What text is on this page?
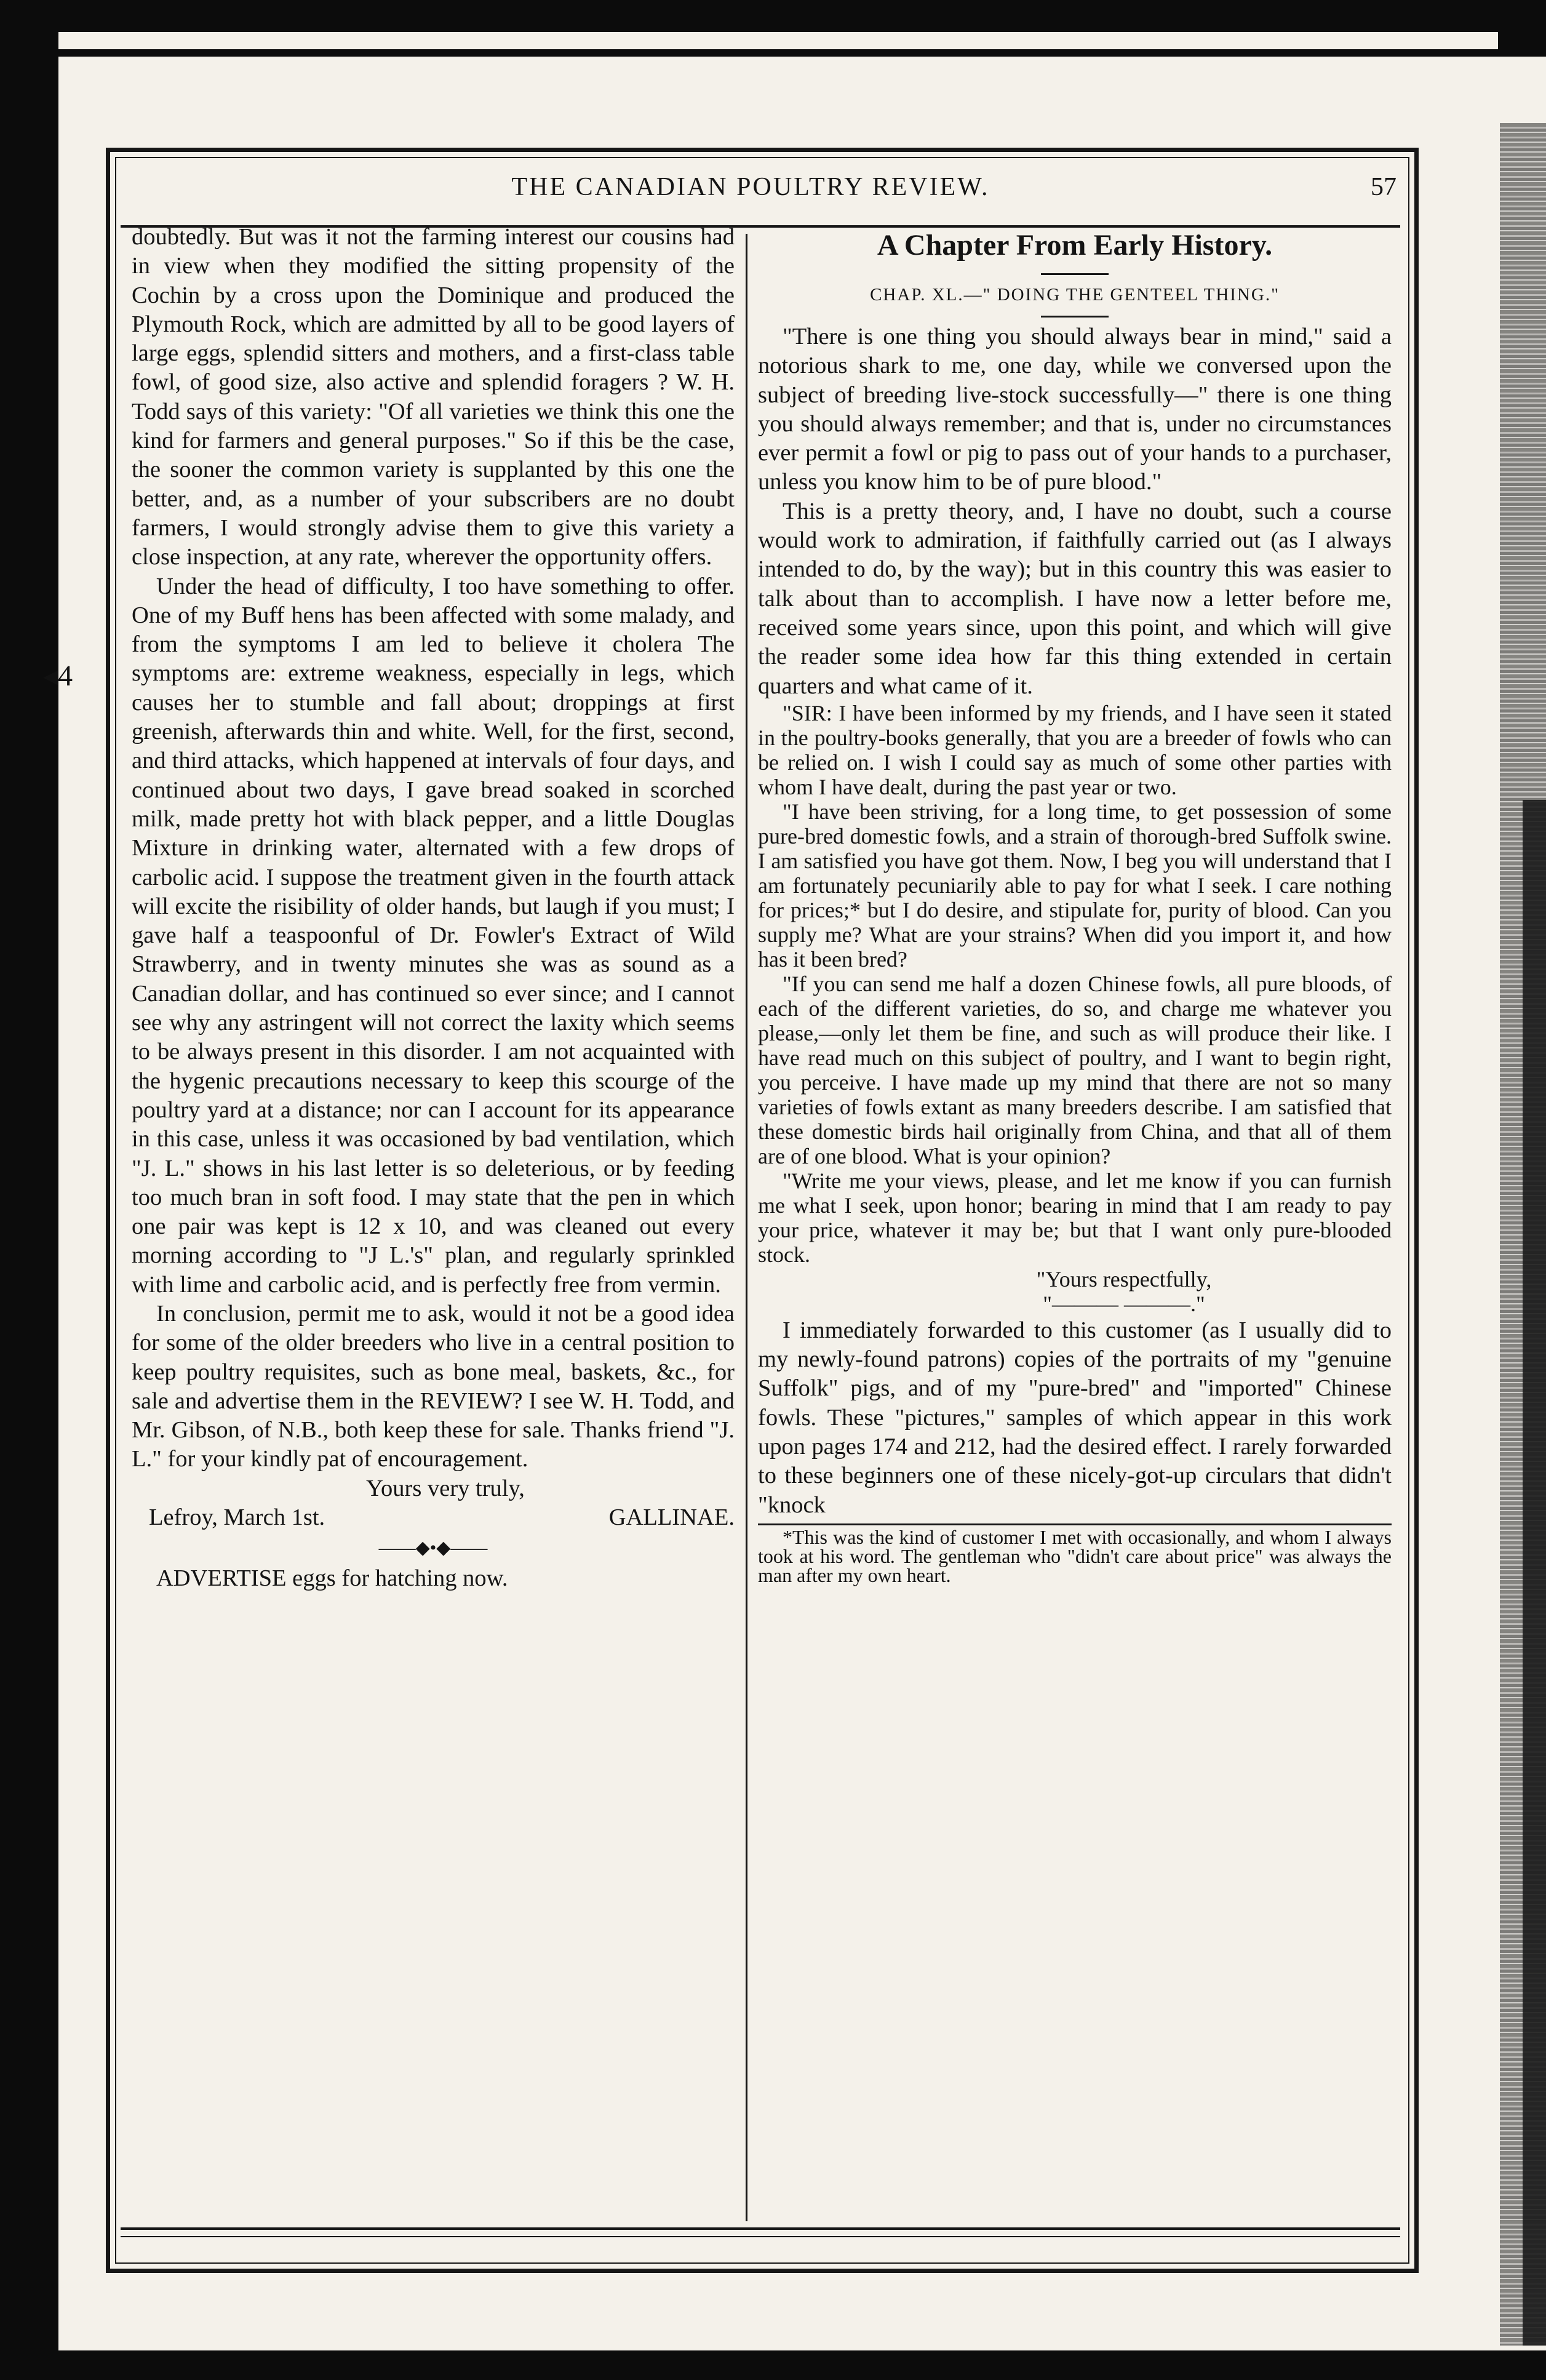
◂4
THE CANADIAN POULTRY REVIEW.	57

doubtedly. But was it not the farming interest our cousins had in view when they modified the sitting propensity of the Cochin by a cross upon the Dominique and produced the Plymouth Rock, which are admitted by all to be good layers of large eggs, splendid sitters and mothers, and a first-class table fowl, of good size, also active and splendid foragers ? W. H. Todd says of this variety: "Of all varieties we think this one the kind for farmers and general purposes." So if this be the case, the sooner the common variety is supplanted by this one the better, and, as a number of your subscribers are no doubt farmers, I would strongly advise them to give this variety a close inspection, at any rate, wherever the opportunity offers.

Under the head of difficulty, I too have something to offer. One of my Buff hens has been affected with some malady, and from the symptoms I am led to believe it cholera The symptoms are: extreme weakness, especially in legs, which causes her to stumble and fall about; droppings at first greenish, afterwards thin and white. Well, for the first, second, and third attacks, which happened at intervals of four days, and continued about two days, I gave bread soaked in scorched milk, made pretty hot with black pepper, and a little Douglas Mixture in drinking water, alternated with a few drops of carbolic acid. I suppose the treatment given in the fourth attack will excite the risibility of older hands, but laugh if you must; I gave half a teaspoonful of Dr. Fowler's Extract of Wild Strawberry, and in twenty minutes she was as sound as a Canadian dollar, and has continued so ever since; and I cannot see why any astringent will not correct the laxity which seems to be always present in this disorder. I am not acquainted with the hygenic precautions necessary to keep this scourge of the poultry yard at a distance; nor can I account for its appearance in this case, unless it was occasioned by bad ventilation, which "J. L." shows in his last letter is so deleterious, or by feeding too much bran in soft food. I may state that the pen in which one pair was kept is 12 x 10, and was cleaned out every morning according to "J L.'s" plan, and regularly sprinkled with lime and carbolic acid, and is perfectly free from vermin.

In conclusion, permit me to ask, would it not be a good idea for some of the older breeders who live in a central position to keep poultry requisites, such as bone meal, baskets, &c., for sale and advertise them in the REVIEW? I see W. H. Todd, and Mr. Gibson, of N.B., both keep these for sale. Thanks friend "J. L." for your kindly pat of encouragement.

Yours very truly,

Lefroy, March 1st.	GALLINAE.

——◆•◆——

ADVERTISE eggs for hatching now.

A Chapter From Early History.

CHAP. XL.—" DOING THE GENTEEL THING."

"There is one thing you should always bear in mind," said a notorious shark to me, one day, while we conversed upon the subject of breeding live-stock successfully—" there is one thing you should always remember; and that is, under no circumstances ever permit a fowl or pig to pass out of your hands to a purchaser, unless you know him to be of pure blood."

This is a pretty theory, and, I have no doubt, such a course would work to admiration, if faithfully carried out (as I always intended to do, by the way); but in this country this was easier to talk about than to accomplish. I have now a letter before me, received some years since, upon this point, and which will give the reader some idea how far this thing extended in certain quarters and what came of it.

"SIR: I have been informed by my friends, and I have seen it stated in the poultry-books generally, that you are a breeder of fowls who can be relied on. I wish I could say as much of some other parties with whom I have dealt, during the past year or two.

"I have been striving, for a long time, to get possession of some pure-bred domestic fowls, and a strain of thorough-bred Suffolk swine. I am satisfied you have got them. Now, I beg you will understand that I am fortunately pecuniarily able to pay for what I seek. I care nothing for prices;* but I do desire, and stipulate for, purity of blood. Can you supply me? What are your strains? When did you import it, and how has it been bred?

"If you can send me half a dozen Chinese fowls, all pure bloods, of each of the different varieties, do so, and charge me whatever you please,—only let them be fine, and such as will produce their like. I have read much on this subject of poultry, and I want to begin right, you perceive. I have made up my mind that there are not so many varieties of fowls extant as many breeders describe. I am satisfied that these domestic birds hail originally from China, and that all of them are of one blood. What is your opinion?

"Write me your views, please, and let me know if you can furnish me what I seek, upon honor; bearing in mind that I am ready to pay your price, whatever it may be; but that I want only pure-blooded stock.

"Yours respectfully,

"——— ———."

I immediately forwarded to this customer (as I usually did to my newly-found patrons) copies of the portraits of my "genuine Suffolk" pigs, and of my "pure-bred" and "imported" Chinese fowls. These "pictures," samples of which appear in this work upon pages 174 and 212, had the desired effect. I rarely forwarded to these beginners one of these nicely-got-up circulars that didn't "knock

*This was the kind of customer I met with occasionally, and whom I always took at his word. The gentleman who "didn't care about price" was always the man after my own heart.
